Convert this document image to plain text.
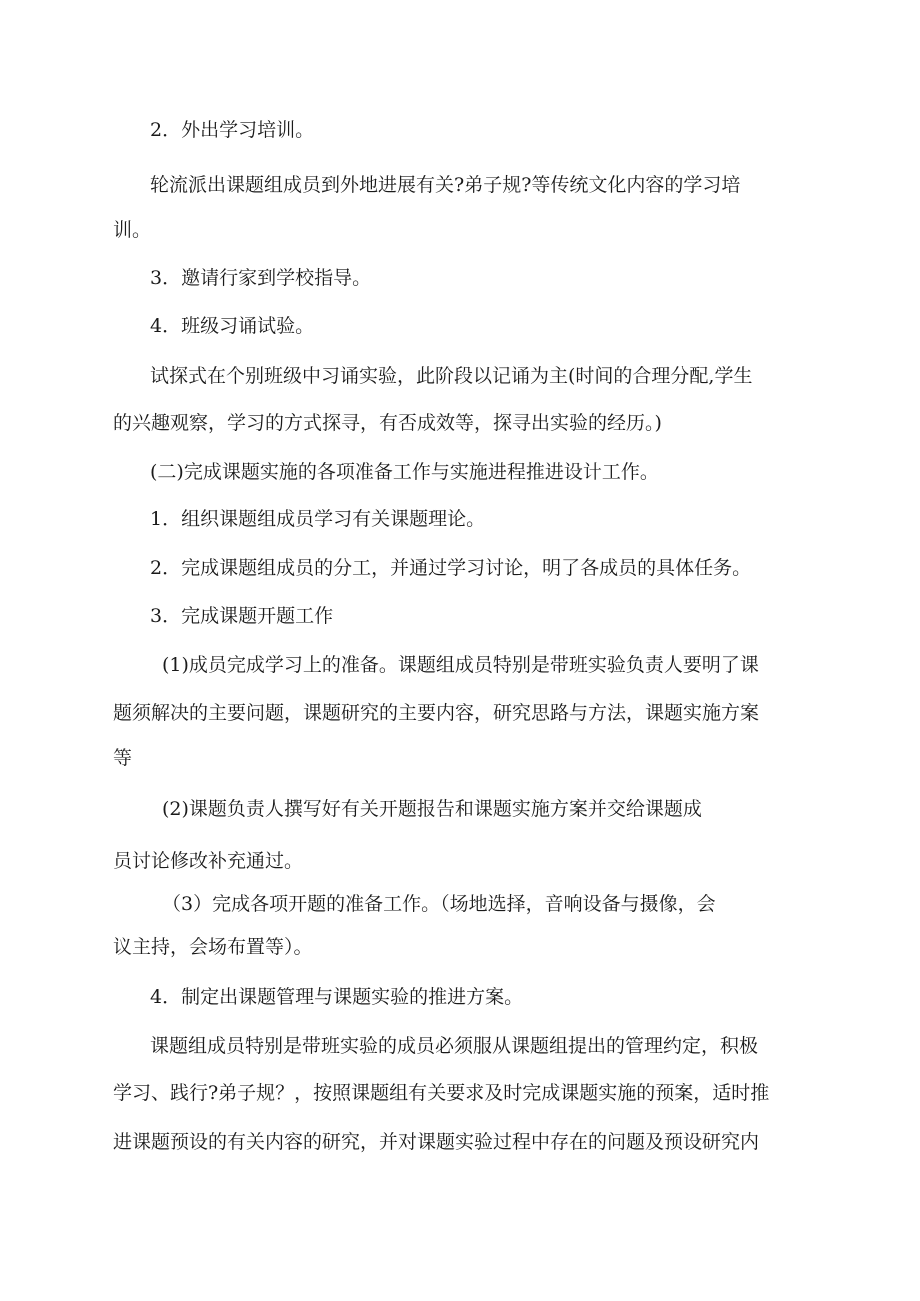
2．外出学习培训。
轮流派出课题组成员到外地进展有关?弟子规?等传统文化内容的学习培
训。
3．邀请行家到学校指导。
4．班级习诵试验。
试探式在个别班级中习诵实验，此阶段以记诵为主(时间的合理分配,学生
的兴趣观察，学习的方式探寻，有否成效等，探寻出实验的经历。)
(二)完成课题实施的各项准备工作与实施进程推进设计工作。
1．组织课题组成员学习有关课题理论。
2．完成课题组成员的分工，并通过学习讨论，明了各成员的具体任务。
3．完成课题开题工作
(1)成员完成学习上的准备。课题组成员特别是带班实验负责人要明了课
题须解决的主要问题，课题研究的主要内容，研究思路与方法，课题实施方案
等
(2)课题负责人撰写好有关开题报告和课题实施方案并交给课题成
员讨论修改补充通过。
（3）完成各项开题的准备工作。（场地选择，音响设备与摄像，会
议主持，会场布置等）。
4．制定出课题管理与课题实验的推进方案。
课题组成员特别是带班实验的成员必须服从课题组提出的管理约定，积极
学习、践行?弟子规？，按照课题组有关要求及时完成课题实施的预案，适时推
进课题预设的有关内容的研究，并对课题实验过程中存在的问题及预设研究内
